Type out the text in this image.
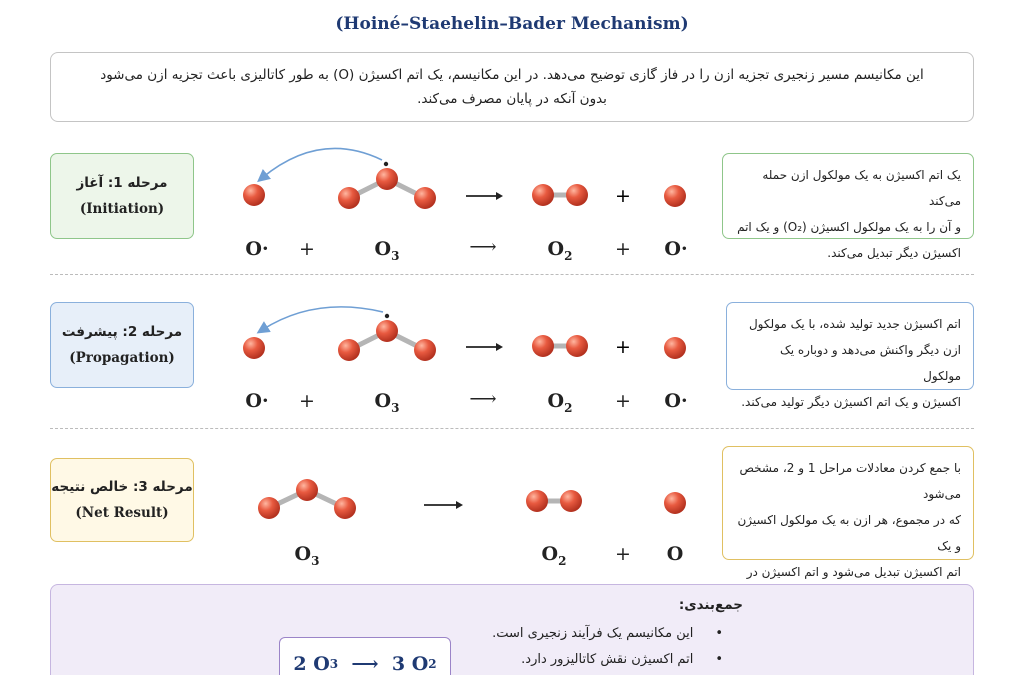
(Hoiné–Staehelin–Bader Mechanism)
این مکانیسم مسیر زنجیری تجزیه ازن را در فاز گازی توضیح می‌دهد. در این مکانیسم، یک اتم اکسیژن (O) به طور کاتالیزی باعث تجزیه ازن می‌شود
بدون آنکه در پایان مصرف می‌کند.
مرحله 1: آغاز
(Initiation)
مرحله 2: پیشرفت
(Propagation)
مرحله 3: خالص نتیجه
(Net Result)
یک اتم اکسیژن به یک مولکول ازن حمله می‌کند
و آن را به یک مولکول اکسیژن (O₂) و یک اتم
اکسیژن دیگر تبدیل می‌کند.
اتم اکسیژن جدید تولید شده، با یک مولکول
ازن دیگر واکنش می‌دهد و دوباره یک مولکول
اکسیژن و یک اتم اکسیژن دیگر تولید می‌کند.
با جمع کردن معادلات مراحل 1 و 2، مشخص می‌شود
که در مجموع، هر ازن به یک مولکول اکسیژن و یک
اتم اکسیژن تبدیل می‌شود و اتم اکسیژن در
+
+
O· +	$O_3$	⟶	$O_2 + O\cdot$
O· +	$O_3$	⟶	$O_2 + O\cdot$
$O_3$	$O_2$	+ O
جمع‌بندی:
• این مکانیسم یک فرآیند زنجیری است.
• اتم اکسیژن نقش کاتالیزور دارد.
2
O 3
⟶
3
O 2
